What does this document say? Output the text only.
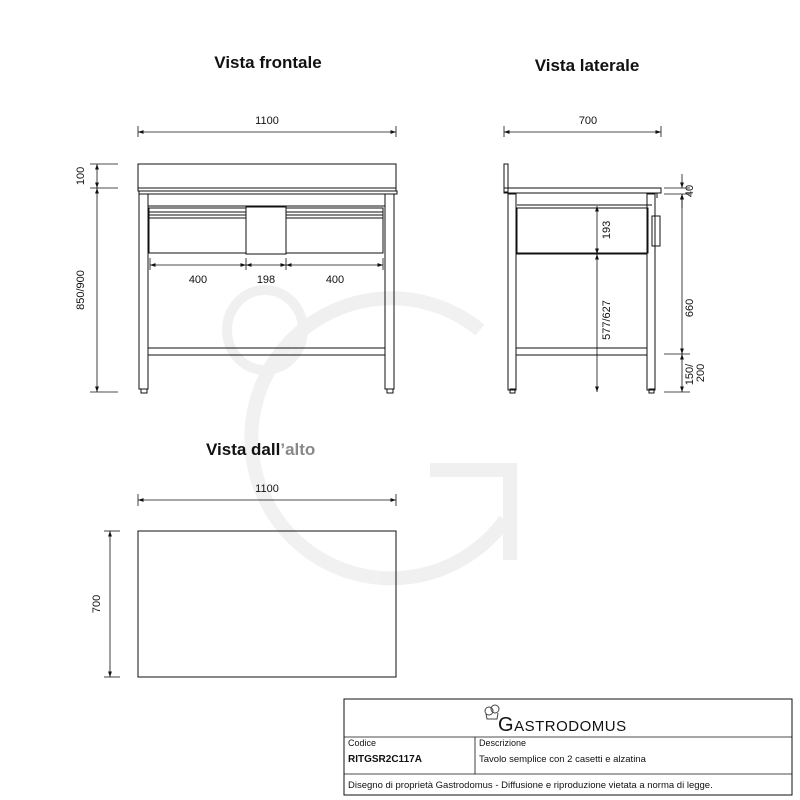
Vista frontale
1100
100
850/900	400	198	400
Vista laterale
700
193
577/627
40
660
150/ 200
Vista dall’alto
1100
700
GASTRODOMUS
Codice
RITGSR2C117A
Descrizione
Tavolo semplice con 2 casetti e alzatina
Disegno di proprietà Gastrodomus - Diffusione e riproduzione vietata a norma di legge.
